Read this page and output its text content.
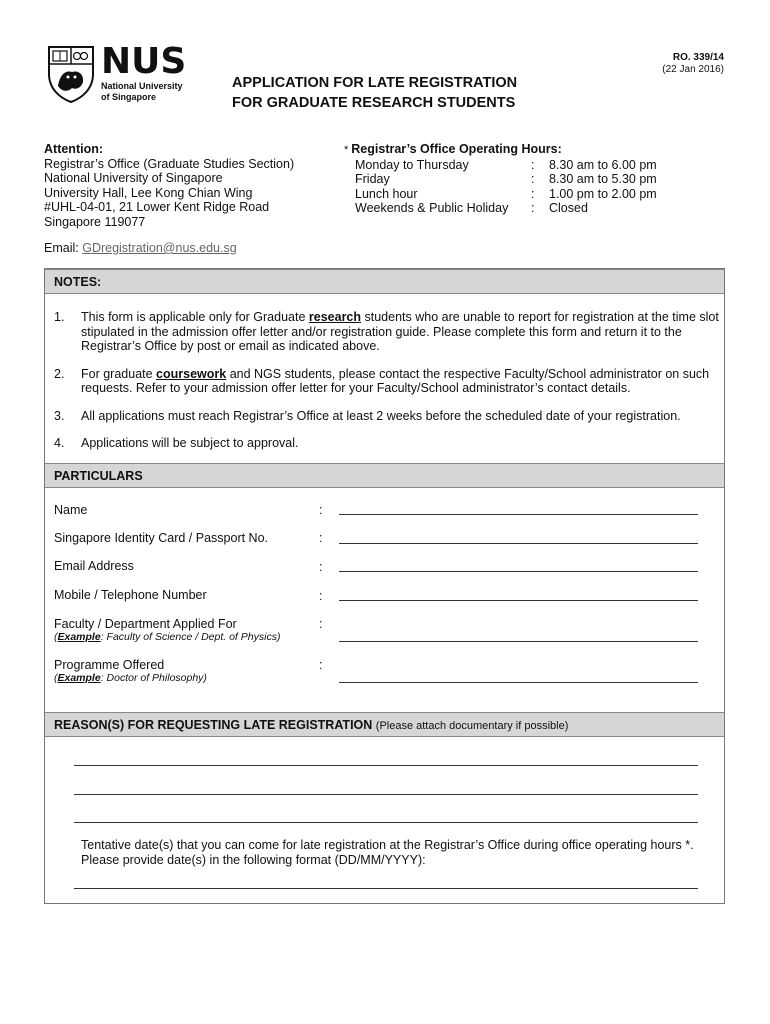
NUS
National University
of Singapore
RO. 339/14
(22 Jan 2016)
APPLICATION FOR LATE REGISTRATION
FOR GRADUATE RESEARCH STUDENTS
Attention:
Registrar’s Office (Graduate Studies Section)
National University of Singapore
University Hall, Lee Kong Chian Wing
#UHL-04-01, 21 Lower Kent Ridge Road
Singapore 119077
* Registrar’s Office Operating Hours:
Monday to Thursday	:	8.30 am to 6.00 pm
Friday	:	8.30 am to 5.30 pm
Lunch hour	:	1.00 pm to 2.00 pm
Weekends & Public Holiday	:	Closed
Email: GDregistration@nus.edu.sg
NOTES:
1.	This form is applicable only for Graduate research students who are unable to report for registration at the time slot stipulated in the admission offer letter and/or registration guide. Please complete this form and return it to the Registrar’s Office by post or email as indicated above.
2.	For graduate coursework and NGS students, please contact the respective Faculty/School administrator on such requests. Refer to your admission offer letter for your Faculty/School administrator’s contact details.
3.	All applications must reach Registrar’s Office at least 2 weeks before the scheduled date of your registration.
4.	Applications will be subject to approval.
PARTICULARS
Name	:
Singapore Identity Card / Passport No.	:
Email Address	:
Mobile / Telephone Number	:
Faculty / Department Applied For
(Example: Faculty of Science / Dept. of Physics)
:
Programme Offered
(Example: Doctor of Philosophy)
:
REASON(S) FOR REQUESTING LATE REGISTRATION (Please attach documentary if possible)
Tentative date(s) that you can come for late registration at the Registrar’s Office during office operating hours *. Please provide date(s) in the following format (DD/MM/YYYY):
